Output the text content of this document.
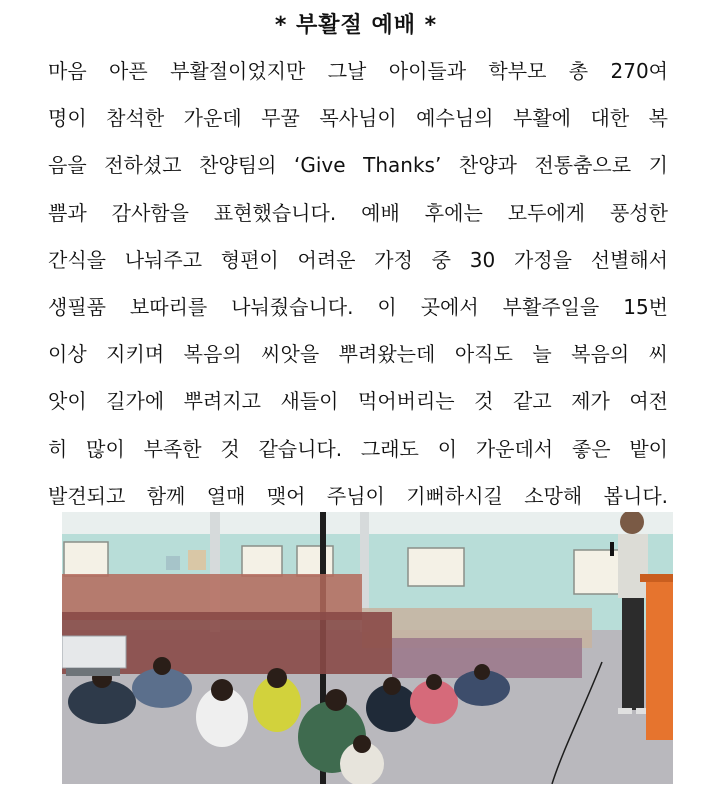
* 부활절 예배 *
마음 아픈 부활절이었지만 그날 아이들과 학부모 총 270여
명이 참석한 가운데 무꿀 목사님이 예수님의 부활에 대한 복
음을 전하셨고 찬양팀의 ‘Give Thanks’ 찬양과 전통춤으로 기
쁨과 감사함을 표현했습니다. 예배 후에는 모두에게 풍성한
간식을 나눠주고 형편이 어려운 가정 중 30 가정을 선별해서
생필품 보따리를 나눠줬습니다. 이 곳에서 부활주일을 15번
이상 지키며 복음의 씨앗을 뿌려왔는데 아직도 늘 복음의 씨
앗이 길가에 뿌려지고 새들이 먹어버리는 것 같고 제가 여전
히 많이 부족한 것 같습니다. 그래도 이 가운데서 좋은 밭이
발견되고 함께 열매 맺어 주님이 기뻐하시길 소망해 봅니다.
